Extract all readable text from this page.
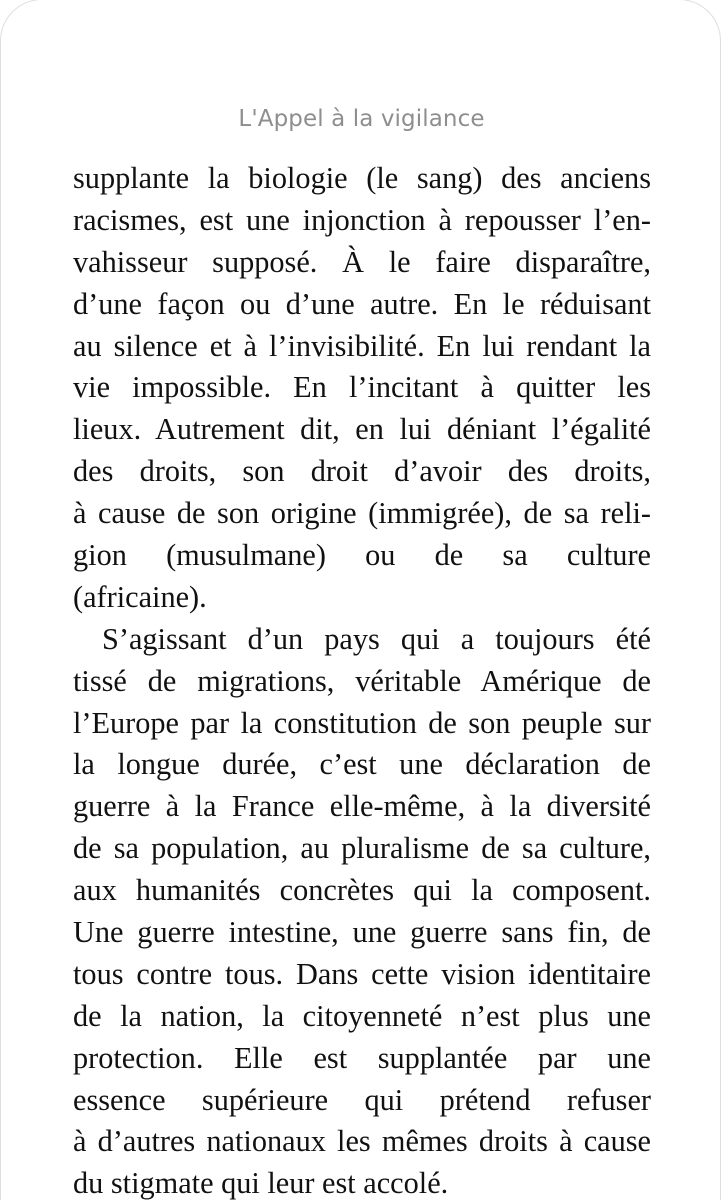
L'Appel à la vigilance
supplante la biologie (le sang) des anciens
racismes, est une injonction à repousser l’en-
vahisseur supposé. À le faire disparaître,
d’une façon ou d’une autre. En le réduisant
au silence et à l’invisibilité. En lui rendant la
vie impossible. En l’incitant à quitter les
lieux. Autrement dit, en lui déniant l’égalité
des droits, son droit d’avoir des droits,
à cause de son origine (immigrée), de sa reli-
gion (musulmane) ou de sa culture
(africaine).
S’agissant d’un pays qui a toujours été
tissé de migrations, véritable Amérique de
l’Europe par la constitution de son peuple sur
la longue durée, c’est une déclaration de
guerre à la France elle-même, à la diversité
de sa population, au pluralisme de sa culture,
aux humanités concrètes qui la composent.
Une guerre intestine, une guerre sans fin, de
tous contre tous. Dans cette vision identitaire
de la nation, la citoyenneté n’est plus une
protection. Elle est supplantée par une
essence supérieure qui prétend refuser
à d’autres nationaux les mêmes droits à cause
du stigmate qui leur est accolé.
